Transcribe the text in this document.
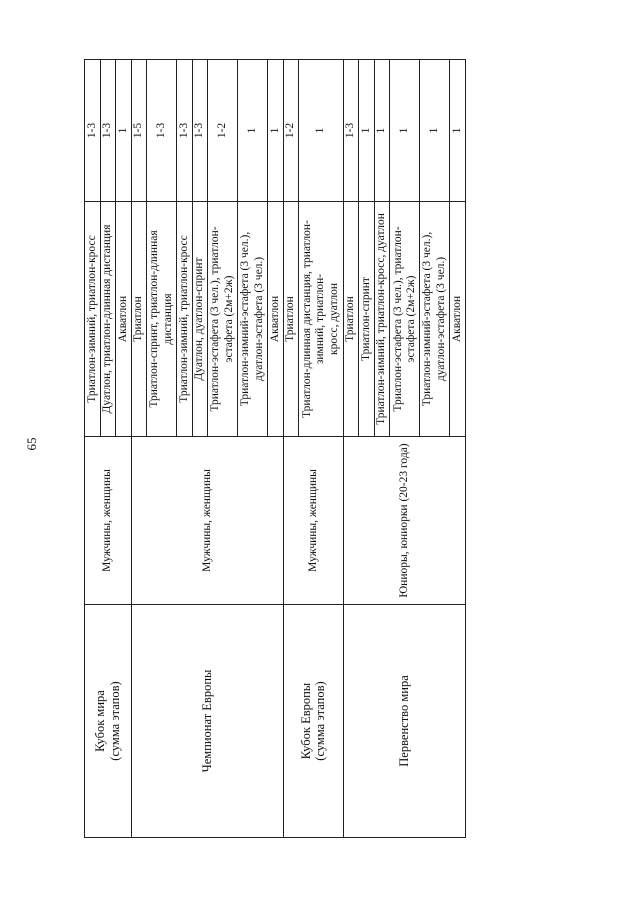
65
Кубок мира
(сумма этапов)	Мужчины, женщины	Триатлон-зимний, триатлон-кросс	1-3
		Дуатлон, триатлон-длинная дистанция	1-3
		Акватлон	1
Чемпионат Европы	Мужчины, женщины	Триатлон	1-5
		Триатлон-спринт, триатлон-длинная дистанция	1-3
		Триатлон-зимний, триатлон-кросс	1-3
		Дуатлон, дуатлон-спринт	1-3
		Триатлон-эстафета (3 чел.), триатлон-эстафета (2м+2ж)	1-2
		Триатлон-зимний-эстафета (3 чел.),
дуатлон-эстафета (3 чел.)	1
		Акватлон	1
Кубок Европы
(сумма этапов)	Мужчины, женщины	Триатлон	1-2
		Триатлон-длинная дистанция, триатлон-зимний, триатлон-
кросс, дуатлон	1
Первенство мира	Юниоры, юниорки (20-23 года)	Триатлон	1-3
		Триатлон-спринт	1
		Триатлон-зимний, триатлон-кросс, дуатлон	1
		Триатлон-эстафета (3 чел.), триатлон-эстафета (2м+2ж)	1
		Триатлон-зимний-эстафета (3 чел.),
дуатлон-эстафета (3 чел.)	1
		Акватлон	1
